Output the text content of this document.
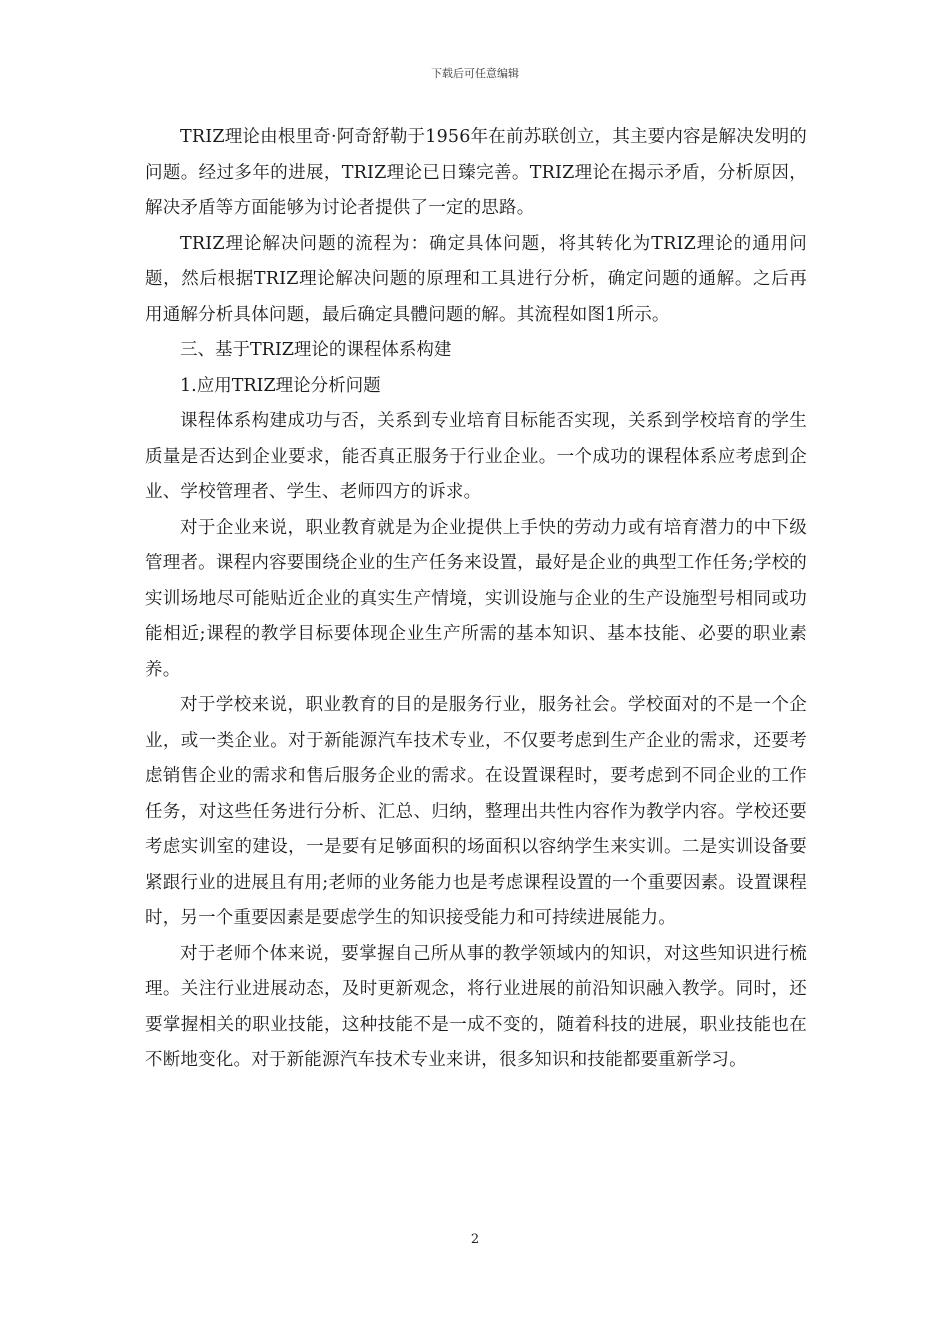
下载后可任意编辑

TRIZ理论由根里奇·阿奇舒勒于1956年在前苏联创立，其主要内容是解决发明的问题。经过多年的进展，TRIZ理论已日臻完善。TRIZ理论在揭示矛盾，分析原因，解决矛盾等方面能够为讨论者提供了一定的思路。

TRIZ理论解决问题的流程为：确定具体问题，将其转化为TRIZ理论的通用问题，然后根据TRIZ理论解决问题的原理和工具进行分析，确定问题的通解。之后再用通解分析具体问题，最后确定具體问题的解。其流程如图1所示。

三、基于TRIZ理论的课程体系构建

1.应用TRIZ理论分析问题

课程体系构建成功与否，关系到专业培育目标能否实现，关系到学校培育的学生质量是否达到企业要求，能否真正服务于行业企业。一个成功的课程体系应考虑到企业、学校管理者、学生、老师四方的诉求。

对于企业来说，职业教育就是为企业提供上手快的劳动力或有培育潜力的中下级管理者。课程内容要围绕企业的生产任务来设置，最好是企业的典型工作任务;学校的实训场地尽可能贴近企业的真实生产情境，实训设施与企业的生产设施型号相同或功能相近;课程的教学目标要体现企业生产所需的基本知识、基本技能、必要的职业素养。

对于学校来说，职业教育的目的是服务行业，服务社会。学校面对的不是一个企业，或一类企业。对于新能源汽车技术专业，不仅要考虑到生产企业的需求，还要考虑销售企业的需求和售后服务企业的需求。在设置课程时，要考虑到不同企业的工作任务，对这些任务进行分析、汇总、归纳，整理出共性内容作为教学内容。学校还要考虑实训室的建设，一是要有足够面积的场面积以容纳学生来实训。二是实训设备要紧跟行业的进展且有用;老师的业务能力也是考虑课程设置的一个重要因素。设置课程时，另一个重要因素是要虑学生的知识接受能力和可持续进展能力。

对于老师个体来说，要掌握自己所从事的教学领域内的知识，对这些知识进行梳理。关注行业进展动态，及时更新观念，将行业进展的前沿知识融入教学。同时，还要掌握相关的职业技能，这种技能不是一成不变的，随着科技的进展，职业技能也在不断地变化。对于新能源汽车技术专业来讲，很多知识和技能都要重新学习。

2
